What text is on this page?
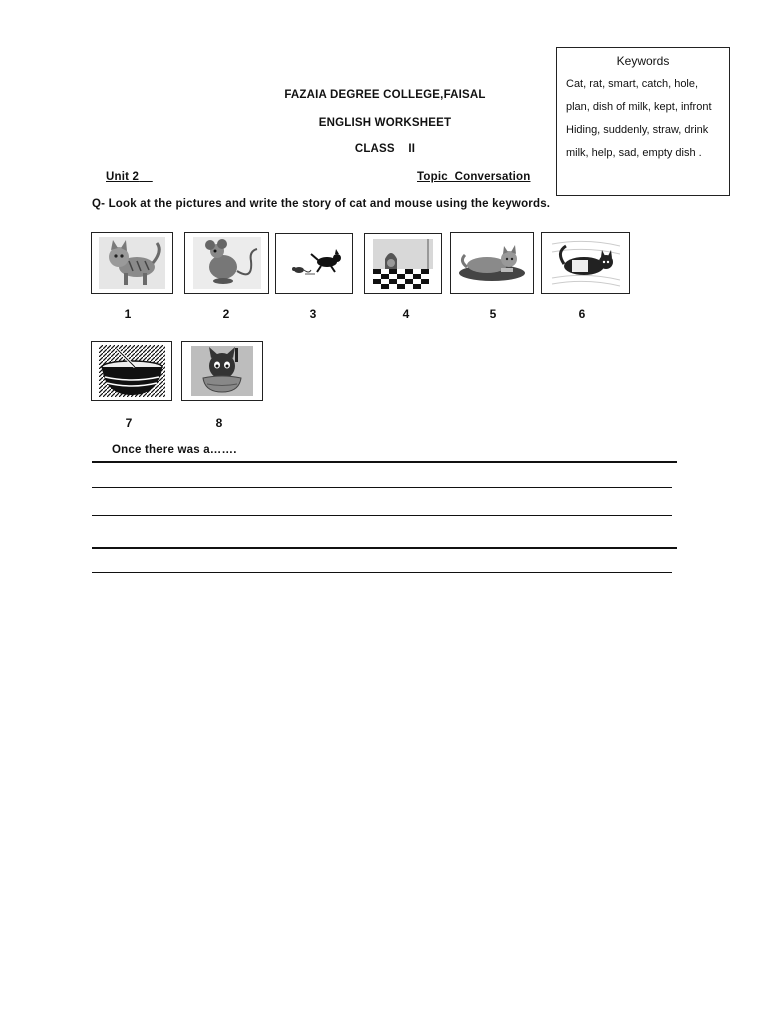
Keywords
Cat, rat, smart, catch, hole,
plan, dish of milk, kept, infront
Hiding, suddenly, straw, drink
milk, help, sad, empty dish .
FAZAIA DEGREE COLLEGE,FAISAL
ENGLISH WORKSHEET
CLASS    II
Unit 2	Topic  Conversation
Q- Look at the pictures and write the story of cat and mouse using the keywords.
1	2	3	4	5	6
7	8
Once there was a…….
